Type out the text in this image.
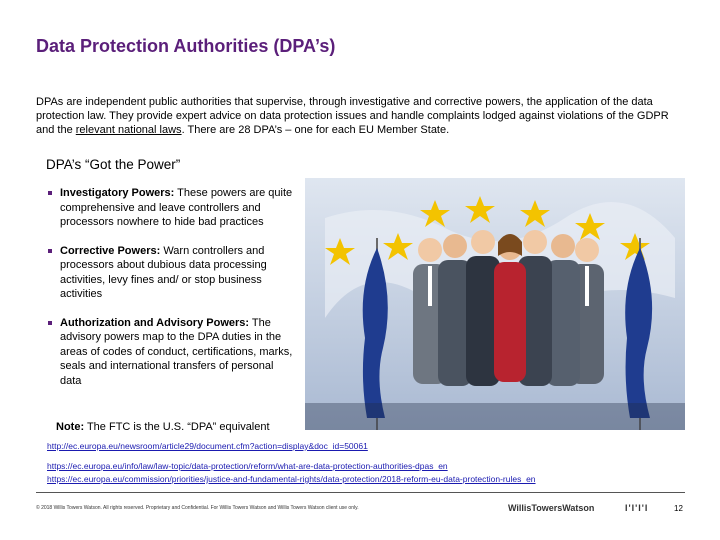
Data Protection Authorities (DPA’s)
DPAs are independent public authorities that supervise, through investigative and corrective powers, the application of the data protection law. They provide expert advice on data protection issues and handle complaints lodged against violations of the GDPR and the relevant national laws. There are 28 DPA’s – one for each EU Member State.
DPA’s “Got the Power”
Investigatory Powers: These powers are quite comprehensive and leave controllers and processors nowhere to hide bad practices
Corrective Powers: Warn controllers and processors about dubious data processing activities, levy fines and/ or stop business activities
Authorization and Advisory Powers: The advisory powers map to the DPA duties in the areas of codes of conduct, certifications, marks, seals and international transfers of personal data
Note: The FTC is the U.S. “DPA” equivalent
http://ec.europa.eu/newsroom/article29/document.cfm?action=display&doc_id=50061
https://ec.europa.eu/info/law/law-topic/data-protection/reform/what-are-data-protection-authorities-dpas_en
https://ec.europa.eu/commission/priorities/justice-and-fundamental-rights/data-protection/2018-reform-eu-data-protection-rules_en
© 2018 Willis Towers Watson. All rights reserved. Proprietary and Confidential. For Willis Towers Watson and Willis Towers Watson client use only.	WillisTowersWatson	I'I'I'I	12
